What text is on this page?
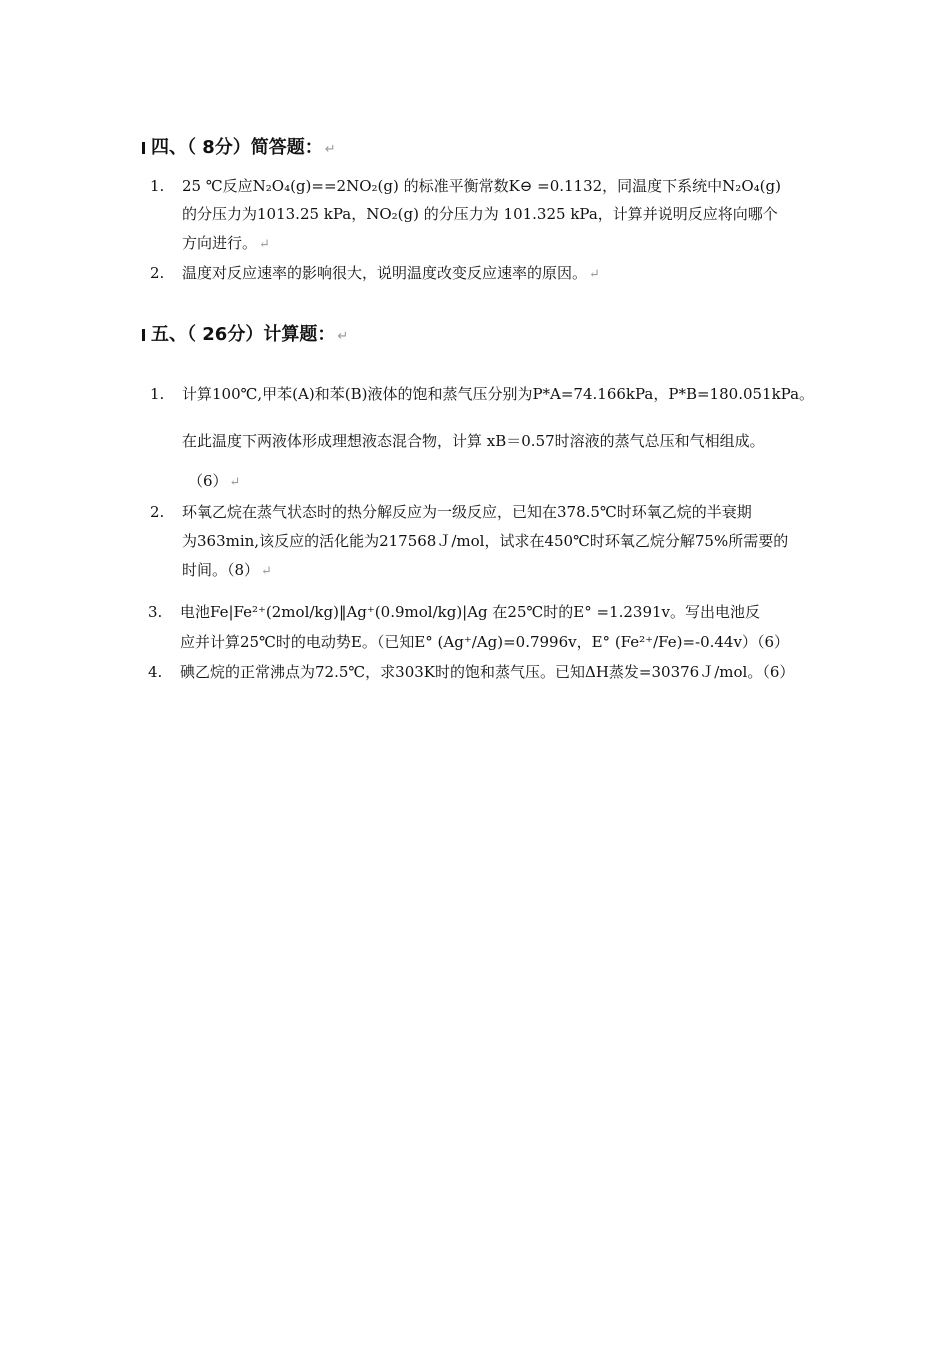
四、（ 8分）简答题： ↵
1. 25 ℃反应N₂O₄(g)==2NO₂(g) 的标准平衡常数K⊖ =0.1132，同温度下系统中N₂O₄(g)
的分压力为1013.25 kPa，NO₂(g) 的分压力为 101.325 kPa，计算并说明反应将向哪个
方向进行。 ↵
2. 温度对反应速率的影响很大，说明温度改变反应速率的原因。 ↵
五、（ 26分）计算题： ↵
1. 计算100℃,甲苯(A)和苯(B)液体的饱和蒸气压分别为P*A=74.166kPa，P*B=180.051kPa。
在此温度下两液体形成理想液态混合物，计算 xB＝0.57时溶液的蒸气总压和气相组成。
（6） ↵
2. 环氧乙烷在蒸气状态时的热分解反应为一级反应，已知在378.5℃时环氧乙烷的半衰期
为363min,该反应的活化能为217568Ｊ/mol，试求在450℃时环氧乙烷分解75%所需要的
时间。（8） ↵
3. 电池Fe|Fe²⁺(2mol/kg)‖Ag⁺(0.9mol/kg)|Ag 在25℃时的E° =1.2391v。写出电池反
应并计算25℃时的电动势E。（已知E° (Ag⁺/Ag)=0.7996v，E° (Fe²⁺/Fe)=-0.44v）（6）
4. 碘乙烷的正常沸点为72.5℃，求303K时的饱和蒸气压。已知ΔH蒸发=30376Ｊ/mol。（6）
